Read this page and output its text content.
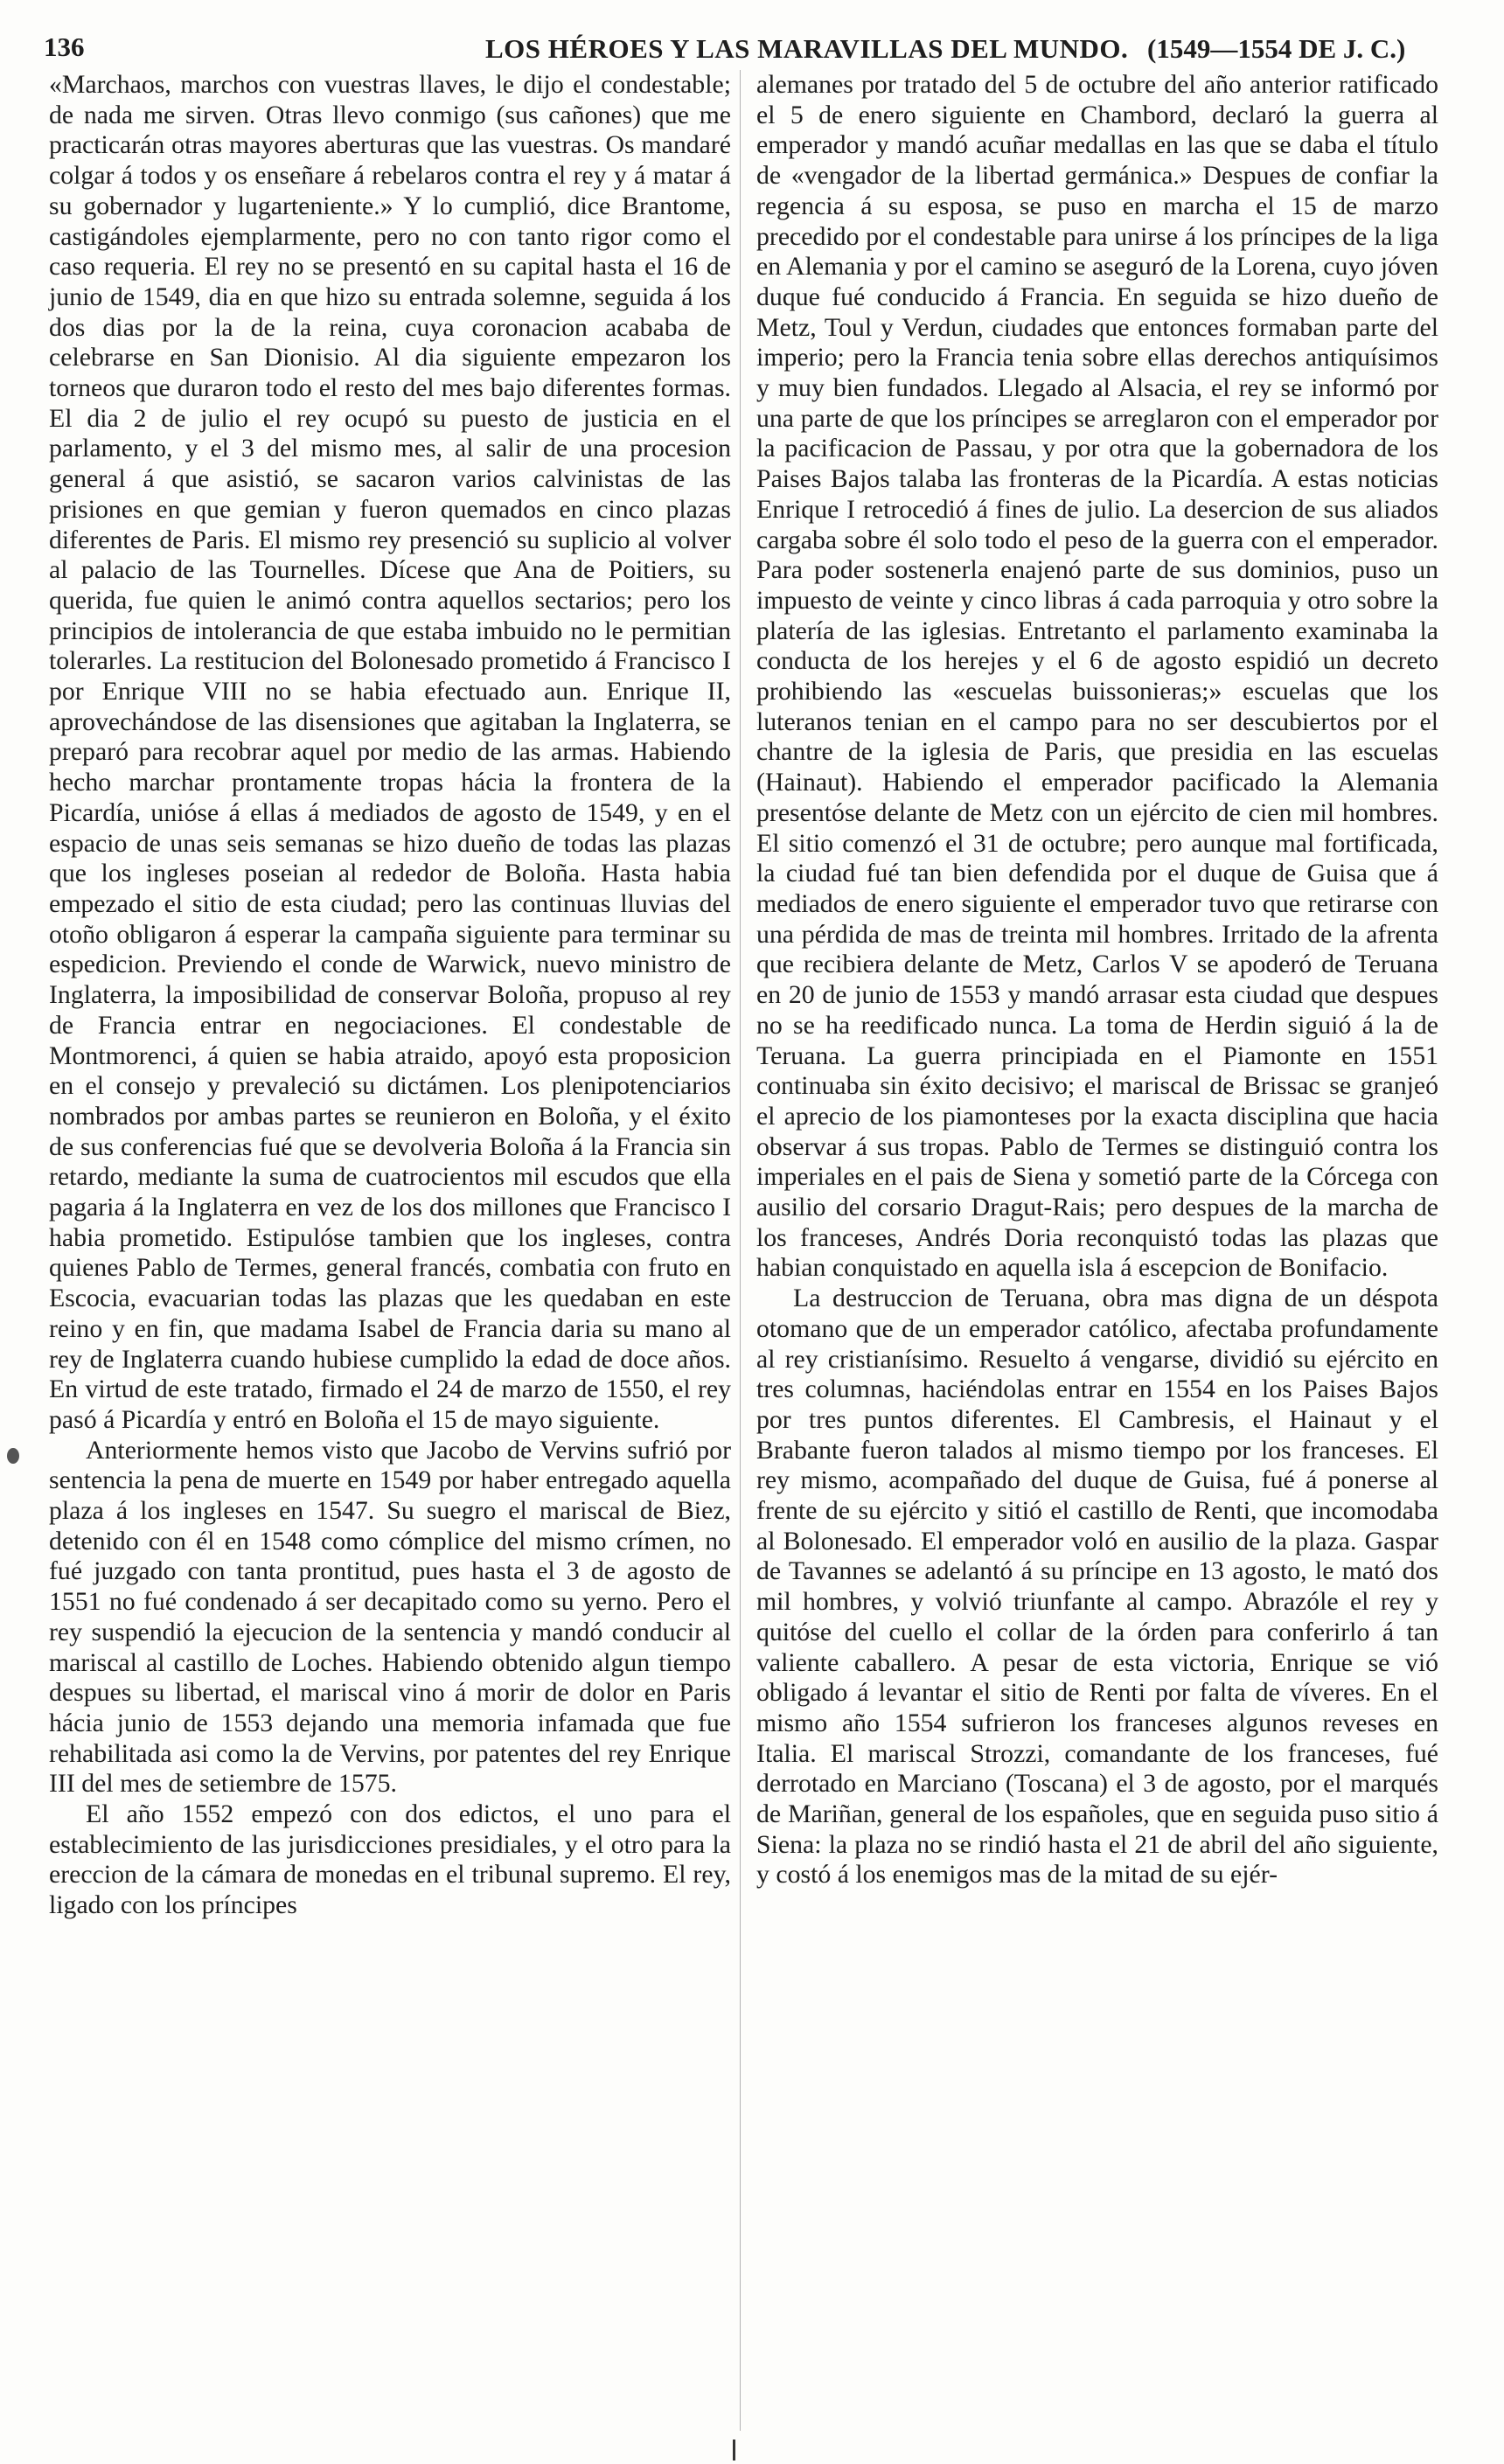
136	LOS HÉROES Y LAS MARAVILLAS DEL MUNDO. (1549—1554 DE J. C.)

«Marchaos, marchos con vuestras llaves, le dijo el condestable; de nada me sirven. Otras llevo conmigo (sus cañones) que me practicarán otras mayores aberturas que las vuestras. Os mandaré colgar á todos y os enseñare á rebelaros contra el rey y á matar á su gobernador y lugarteniente.» Y lo cumplió, dice Brantome, castigándoles ejemplarmente, pero no con tanto rigor como el caso requeria. El rey no se presentó en su capital hasta el 16 de junio de 1549, dia en que hizo su entrada solemne, seguida á los dos dias por la de la reina, cuya coronacion acababa de celebrarse en San Dionisio. Al dia siguiente empezaron los torneos que duraron todo el resto del mes bajo diferentes formas. El dia 2 de julio el rey ocupó su puesto de justicia en el parlamento, y el 3 del mismo mes, al salir de una procesion general á que asistió, se sacaron varios calvinistas de las prisiones en que gemian y fueron quemados en cinco plazas diferentes de Paris. El mismo rey presenció su suplicio al volver al palacio de las Tournelles. Dícese que Ana de Poitiers, su querida, fue quien le animó contra aquellos sectarios; pero los principios de intolerancia de que estaba imbuido no le permitian tolerarles. La restitucion del Bolonesado prometido á Francisco I por Enrique VIII no se habia efectuado aun. Enrique II, aprovechándose de las disensiones que agitaban la Inglaterra, se preparó para recobrar aquel por medio de las armas. Habiendo hecho marchar prontamente tropas hácia la frontera de la Picardía, unióse á ellas á mediados de agosto de 1549, y en el espacio de unas seis semanas se hizo dueño de todas las plazas que los ingleses poseian al rededor de Boloña. Hasta habia empezado el sitio de esta ciudad; pero las continuas lluvias del otoño obligaron á esperar la campaña siguiente para terminar su espedicion. Previendo el conde de Warwick, nuevo ministro de Inglaterra, la imposibilidad de conservar Boloña, propuso al rey de Francia entrar en negociaciones. El condestable de Montmorenci, á quien se habia atraido, apoyó esta proposicion en el consejo y prevaleció su dictámen. Los plenipotenciarios nombrados por ambas partes se reunieron en Boloña, y el éxito de sus conferencias fué que se devolveria Boloña á la Francia sin retardo, mediante la suma de cuatrocientos mil escudos que ella pagaria á la Inglaterra en vez de los dos millones que Francisco I habia prometido. Estipulóse tambien que los ingleses, contra quienes Pablo de Termes, general francés, combatia con fruto en Escocia, evacuarian todas las plazas que les quedaban en este reino y en fin, que madama Isabel de Francia daria su mano al rey de Inglaterra cuando hubiese cumplido la edad de doce años. En virtud de este tratado, firmado el 24 de marzo de 1550, el rey pasó á Picardía y entró en Boloña el 15 de mayo siguiente.

Anteriormente hemos visto que Jacobo de Vervins sufrió por sentencia la pena de muerte en 1549 por haber entregado aquella plaza á los ingleses en 1547. Su suegro el mariscal de Biez, detenido con él en 1548 como cómplice del mismo crímen, no fué juzgado con tanta prontitud, pues hasta el 3 de agosto de 1551 no fué condenado á ser decapitado como su yerno. Pero el rey suspendió la ejecucion de la sentencia y mandó conducir al mariscal al castillo de Loches. Habiendo obtenido algun tiempo despues su libertad, el mariscal vino á morir de dolor en Paris hácia junio de 1553 dejando una memoria infamada que fue rehabilitada asi como la de Vervins, por patentes del rey Enrique III del mes de setiembre de 1575.

El año 1552 empezó con dos edictos, el uno para el establecimiento de las jurisdicciones presidiales, y el otro para la ereccion de la cámara de monedas en el tribunal supremo. El rey, ligado con los príncipes

alemanes por tratado del 5 de octubre del año anterior ratificado el 5 de enero siguiente en Chambord, declaró la guerra al emperador y mandó acuñar medallas en las que se daba el título de «vengador de la libertad germánica.» Despues de confiar la regencia á su esposa, se puso en marcha el 15 de marzo precedido por el condestable para unirse á los príncipes de la liga en Alemania y por el camino se aseguró de la Lorena, cuyo jóven duque fué conducido á Francia. En seguida se hizo dueño de Metz, Toul y Verdun, ciudades que entonces formaban parte del imperio; pero la Francia tenia sobre ellas derechos antiquísimos y muy bien fundados. Llegado al Alsacia, el rey se informó por una parte de que los príncipes se arreglaron con el emperador por la pacificacion de Passau, y por otra que la gobernadora de los Paises Bajos talaba las fronteras de la Picardía. A estas noticias Enrique I retrocedió á fines de julio. La desercion de sus aliados cargaba sobre él solo todo el peso de la guerra con el emperador. Para poder sostenerla enajenó parte de sus dominios, puso un impuesto de veinte y cinco libras á cada parroquia y otro sobre la platería de las iglesias. Entretanto el parlamento examinaba la conducta de los herejes y el 6 de agosto espidió un decreto prohibiendo las «escuelas buissonieras;» escuelas que los luteranos tenian en el campo para no ser descubiertos por el chantre de la iglesia de Paris, que presidia en las escuelas (Hainaut). Habiendo el emperador pacificado la Alemania presentóse delante de Metz con un ejército de cien mil hombres. El sitio comenzó el 31 de octubre; pero aunque mal fortificada, la ciudad fué tan bien defendida por el duque de Guisa que á mediados de enero siguiente el emperador tuvo que retirarse con una pérdida de mas de treinta mil hombres. Irritado de la afrenta que recibiera delante de Metz, Carlos V se apoderó de Teruana en 20 de junio de 1553 y mandó arrasar esta ciudad que despues no se ha reedificado nunca. La toma de Herdin siguió á la de Teruana. La guerra principiada en el Piamonte en 1551 continuaba sin éxito decisivo; el mariscal de Brissac se granjeó el aprecio de los piamonteses por la exacta disciplina que hacia observar á sus tropas. Pablo de Termes se distinguió contra los imperiales en el pais de Siena y sometió parte de la Córcega con ausilio del corsario Dragut-Rais; pero despues de la marcha de los franceses, Andrés Doria reconquistó todas las plazas que habian conquistado en aquella isla á escepcion de Bonifacio.

La destruccion de Teruana, obra mas digna de un déspota otomano que de un emperador católico, afectaba profundamente al rey cristianísimo. Resuelto á vengarse, dividió su ejército en tres columnas, haciéndolas entrar en 1554 en los Paises Bajos por tres puntos diferentes. El Cambresis, el Hainaut y el Brabante fueron talados al mismo tiempo por los franceses. El rey mismo, acompañado del duque de Guisa, fué á ponerse al frente de su ejército y sitió el castillo de Renti, que incomodaba al Bolonesado. El emperador voló en ausilio de la plaza. Gaspar de Tavannes se adelantó á su príncipe en 13 agosto, le mató dos mil hombres, y volvió triunfante al campo. Abrazóle el rey y quitóse del cuello el collar de la órden para conferirlo á tan valiente caballero. A pesar de esta victoria, Enrique se vió obligado á levantar el sitio de Renti por falta de víveres. En el mismo año 1554 sufrieron los franceses algunos reveses en Italia. El mariscal Strozzi, comandante de los franceses, fué derrotado en Marciano (Toscana) el 3 de agosto, por el marqués de Mariñan, general de los españoles, que en seguida puso sitio á Siena: la plaza no se rindió hasta el 21 de abril del año siguiente, y costó á los enemigos mas de la mitad de su ejér-
